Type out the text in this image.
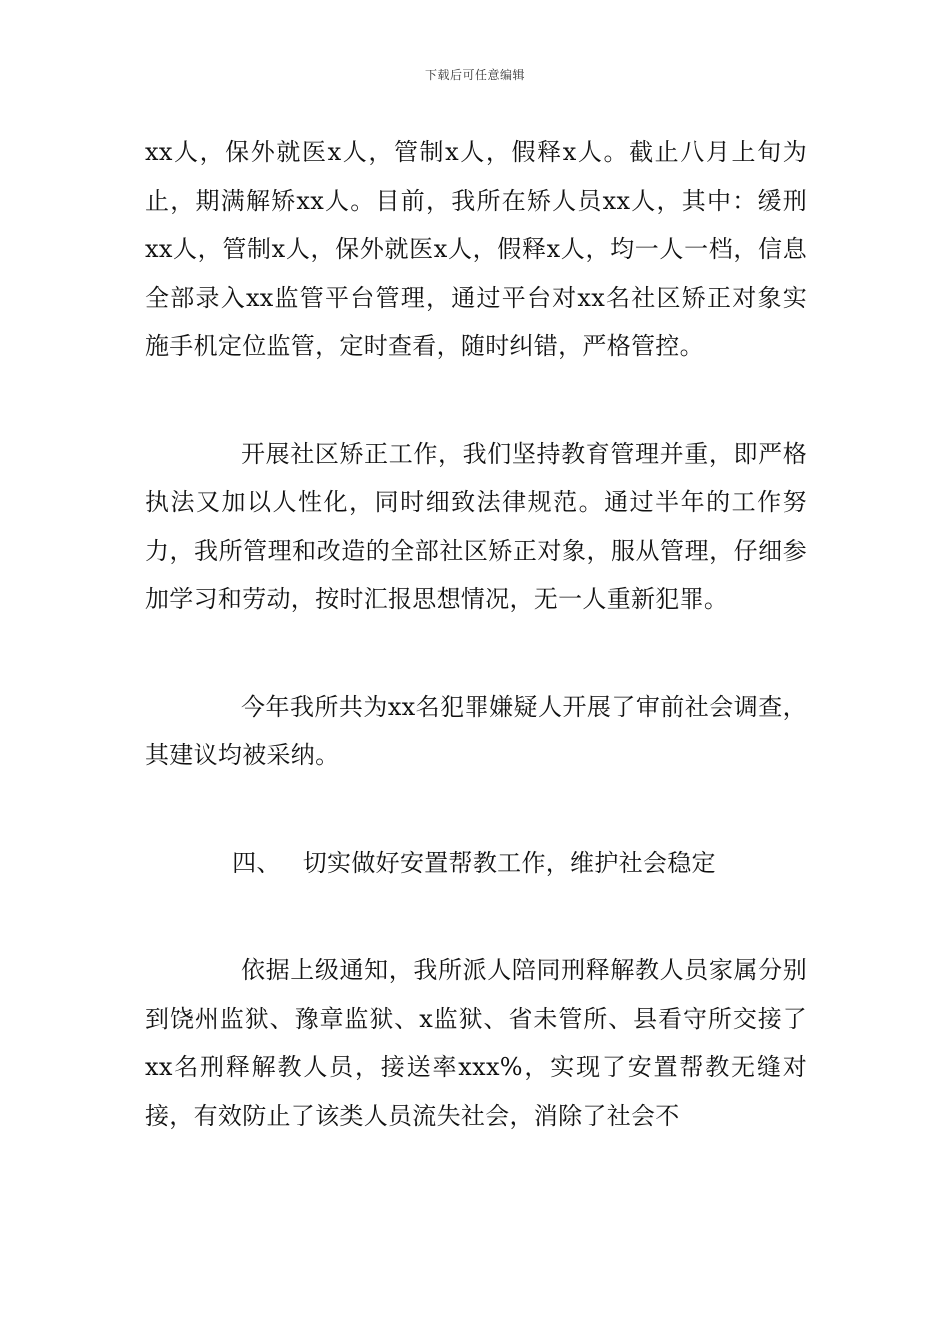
下载后可任意编辑

xx人，保外就医x人，管制x人，假释x人。截止八月上旬为止，期满解矫xx人。目前，我所在矫人员xx人，其中：缓刑xx人，管制x人，保外就医x人，假释x人，均一人一档，信息全部录入xx监管平台管理，通过平台对xx名社区矫正对象实施手机定位监管，定时查看，随时纠错，严格管控。

开展社区矫正工作，我们坚持教育管理并重，即严格执法又加以人性化，同时细致法律规范。通过半年的工作努力，我所管理和改造的全部社区矫正对象，服从管理，仔细参加学习和劳动，按时汇报思想情况，无一人重新犯罪。

今年我所共为xx名犯罪嫌疑人开展了审前社会调查，其建议均被采纳。

四、 切实做好安置帮教工作，维护社会稳定

依据上级通知，我所派人陪同刑释解教人员家属分别到饶州监狱、豫章监狱、x监狱、省未管所、县看守所交接了xx名刑释解教人员，接送率xxx%，实现了安置帮教无缝对接，有效防止了该类人员流失社会，消除了社会不
